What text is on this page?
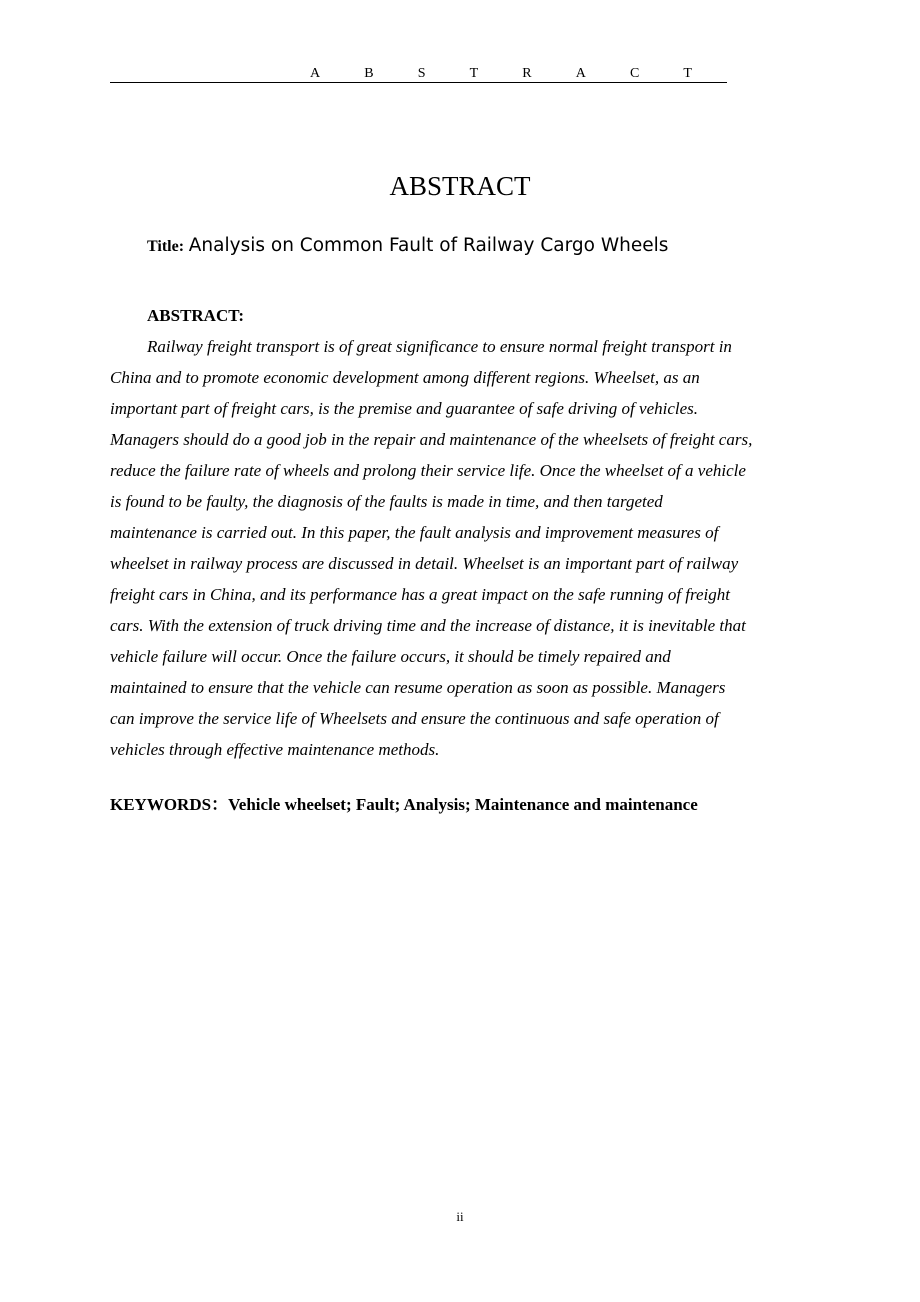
A	B	S	T	R	A	C	T
ABSTRACT
Title: Analysis on Common Fault of Railway Cargo Wheels
ABSTRACT:
Railway freight transport is of great significance to ensure normal freight transport in
China and to promote economic development among different regions. Wheelset, as an
important part of freight cars, is the premise and guarantee of safe driving of vehicles.
Managers should do a good job in the repair and maintenance of the wheelsets of freight cars,
reduce the failure rate of wheels and prolong their service life. Once the wheelset of a vehicle
is found to be faulty, the diagnosis of the faults is made in time, and then targeted
maintenance is carried out. In this paper, the fault analysis and improvement measures of
wheelset in railway process are discussed in detail. Wheelset is an important part of railway
freight cars in China, and its performance has a great impact on the safe running of freight
cars. With the extension of truck driving time and the increase of distance, it is inevitable that
vehicle failure will occur. Once the failure occurs, it should be timely repaired and
maintained to ensure that the vehicle can resume operation as soon as possible. Managers
can improve the service life of Wheelsets and ensure the continuous and safe operation of
vehicles through effective maintenance methods.
KEYWORDS：Vehicle wheelset; Fault; Analysis; Maintenance and maintenance
ii
